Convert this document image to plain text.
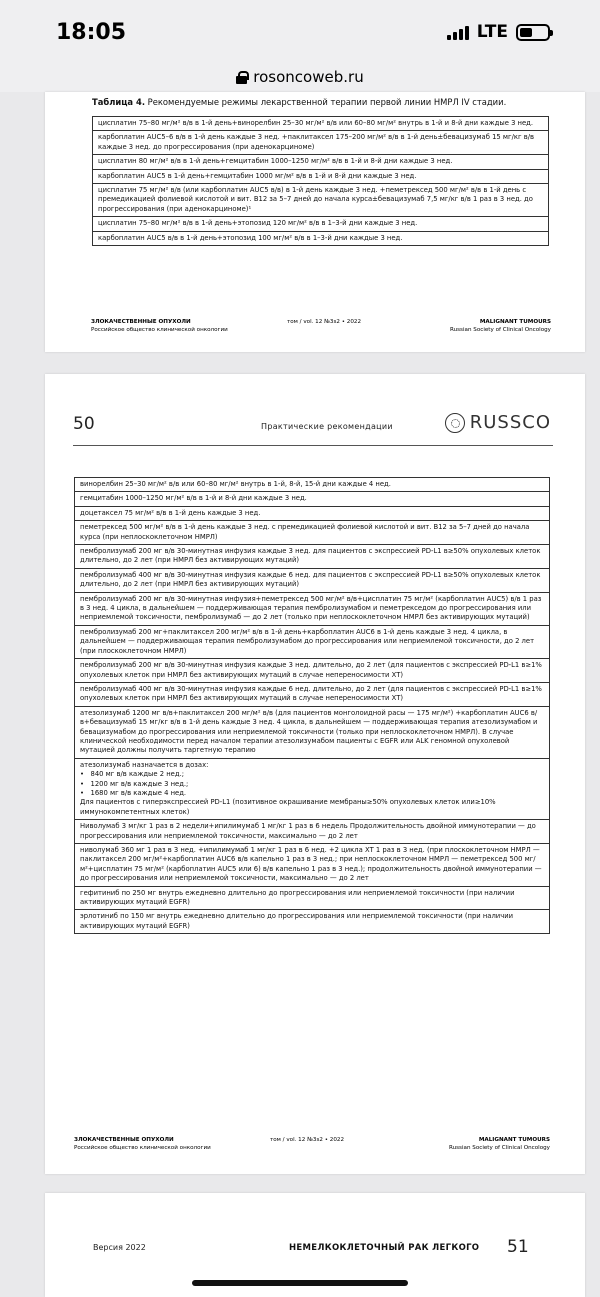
18:05	LTE
rosoncoweb.ru
Таблица 4. Рекомендуемые режимы лекарственной терапии первой линии НМРЛ IV стадии.
цисплатин 75–80 мг/м² в/в в 1-й день+винорелбин 25–30 мг/м² в/в или 60–80 мг/м² внутрь в 1-й и 8-й дни каждые 3 нед.
карбоплатин AUC5–6 в/в в 1-й день каждые 3 нед. +паклитаксел 175–200 мг/м² в/в в 1-й день±бевацизумаб 15 мг/кг в/в каждые 3 нед. до прогрессирования (при аденокарциноме)
цисплатин 80 мг/м² в/в в 1-й день+гемцитабин 1000–1250 мг/м² в/в в 1-й и 8-й дни каждые 3 нед.
карбоплатин AUC5 в 1-й день+гемцитабин 1000 мг/м² в/в в 1-й и 8-й дни каждые 3 нед.
цисплатин 75 мг/м² в/в (или карбоплатин AUC5 в/в) в 1-й день каждые 3 нед. +пеметрексед 500 мг/м² в/в в 1-й день с премедикацией фолиевой кислотой и вит. B12 за 5–7 дней до начала курса±бевацизумаб 7,5 мг/кг в/в 1 раз в 3 нед. до прогрессирования (при аденокарциноме)¹
цисплатин 75–80 мг/м² в/в в 1-й день+этопозид 120 мг/м² в/в в 1–3-й дни каждые 3 нед.
карбоплатин AUC5 в/в в 1-й день+этопозид 100 мг/м² в/в в 1–3-й дни каждые 3 нед.
ЗЛОКАЧЕСТВЕННЫЕ ОПУХОЛИ
Российское общество клинической онкологии
том / vol. 12 №3s2 • 2022	MALIGNANT TUMOURS
Russian Society of Clinical Oncology
50	Практические рекомендации	RUSSCO
винорелбин 25–30 мг/м² в/в или 60–80 мг/м² внутрь в 1-й, 8-й, 15-й дни каждые 4 нед.
гемцитабин 1000–1250 мг/м² в/в в 1-й и 8-й дни каждые 3 нед.
доцетаксел 75 мг/м² в/в в 1-й день каждые 3 нед.
пеметрексед 500 мг/м² в/в в 1-й день каждые 3 нед. с премедикацией фолиевой кислотой и вит. B12 за 5–7 дней до начала курса (при неплоскоклеточном НМРЛ)
пембролизумаб 200 мг в/в 30-минутная инфузия каждые 3 нед. для пациентов с экспрессией PD-L1 в≥50% опухолевых клеток длительно, до 2 лет (при НМРЛ без активирующих мутаций)
пембролизумаб 400 мг в/в 30-минутная инфузия каждые 6 нед. для пациентов с экспрессией PD-L1 в≥50% опухолевых клеток длительно, до 2 лет (при НМРЛ без активирующих мутаций)
пембролизумаб 200 мг в/в 30-минутная инфузия+пеметрексед 500 мг/м² в/в+цисплатин 75 мг/м² (карбоплатин AUC5) в/в 1 раз в 3 нед. 4 цикла, в дальнейшем — поддерживающая терапия пембролизумабом и пеметрекседом до прогрессирования или неприемлемой токсичности, пембролизумаб — до 2 лет (только при неплоскоклеточном НМРЛ без активирующих мутаций)
пембролизумаб 200 мг+паклитаксел 200 мг/м² в/в в 1-й день+карбоплатин AUC6 в 1-й день каждые 3 нед. 4 цикла, в дальнейшем — поддерживающая терапия пембролизумабом до прогрессирования или неприемлемой токсичности, до 2 лет (при плоскоклеточном НМРЛ)
пембролизумаб 200 мг в/в 30-минутная инфузия каждые 3 нед. длительно, до 2 лет (для пациентов с экспрессией PD-L1 в≥1% опухолевых клеток при НМРЛ без активирующих мутаций в случае непереносимости ХТ)
пембролизумаб 400 мг в/в 30-минутная инфузия каждые 6 нед. длительно, до 2 лет (для пациентов с экспрессией PD-L1 в≥1% опухолевых клеток при НМРЛ без активирующих мутаций в случае непереносимости ХТ)
атезолизумаб 1200 мг в/в+паклитаксел 200 мг/м² в/в (для пациентов монголоидной расы — 175 мг/м²) +карбоплатин AUC6 в/в+бевацизумаб 15 мг/кг в/в в 1-й день каждые 3 нед. 4 цикла, в дальнейшем — поддерживающая терапия атезолизумабом и бевацизумабом до прогрессирования или неприемлемой токсичности (только при неплоскоклеточном НМРЛ). В случае клинической необходимости перед началом терапии атезолизумабом пациенты с EGFR или ALK геномной опухолевой мутацией должны получить таргетную терапию

атезолизумаб назначается в дозах:
•   840 мг в/в каждые 2 нед.;
•   1200 мг в/в каждые 3 нед.;
•   1680 мг в/в каждые 4 нед.
Для пациентов с гиперэкспрессией PD-L1 (позитивное окрашивание мембраны≥50% опухолевых клеток или≥10% иммунокомпетентных клеток)

Ниволумаб 3 мг/кг 1 раз в 2 недели+ипилимумаб 1 мг/кг 1 раз в 6 недель Продолжительность двойной иммунотерапии — до прогрессирования или неприемлемой токсичности, максимально — до 2 лет
ниволумаб 360 мг 1 раз в 3 нед. +ипилимумаб 1 мг/кг 1 раз в 6 нед. +2 цикла ХТ 1 раз в 3 нед. (при плоскоклеточном НМРЛ — паклитаксел 200 мг/м²+карбоплатин AUC6 в/в капельно 1 раз в 3 нед.; при неплоскоклеточном НМРЛ — пеметрексед 500 мг/м²+цисплатин 75 мг/м² (карбоплатин AUC5 или 6) в/в капельно 1 раз в 3 нед.); продолжительность двойной иммунотерапии — до прогрессирования или неприемлемой токсичности, максимально — до 2 лет
гефитиниб по 250 мг внутрь ежедневно длительно до прогрессирования или неприемлемой токсичности (при наличии активирующих мутаций EGFR)
эрлотиниб по 150 мг внутрь ежедневно длительно до прогрессирования или неприемлемой токсичности (при наличии активирующих мутаций EGFR)
ЗЛОКАЧЕСТВЕННЫЕ ОПУХОЛИ
Российское общество клинической онкологии
том / vol. 12 №3s2 • 2022	MALIGNANT TUMOURS
Russian Society of Clinical Oncology
Версия 2022	НЕМЕЛКОКЛЕТОЧНЫЙ РАК ЛЕГКОГО 51
